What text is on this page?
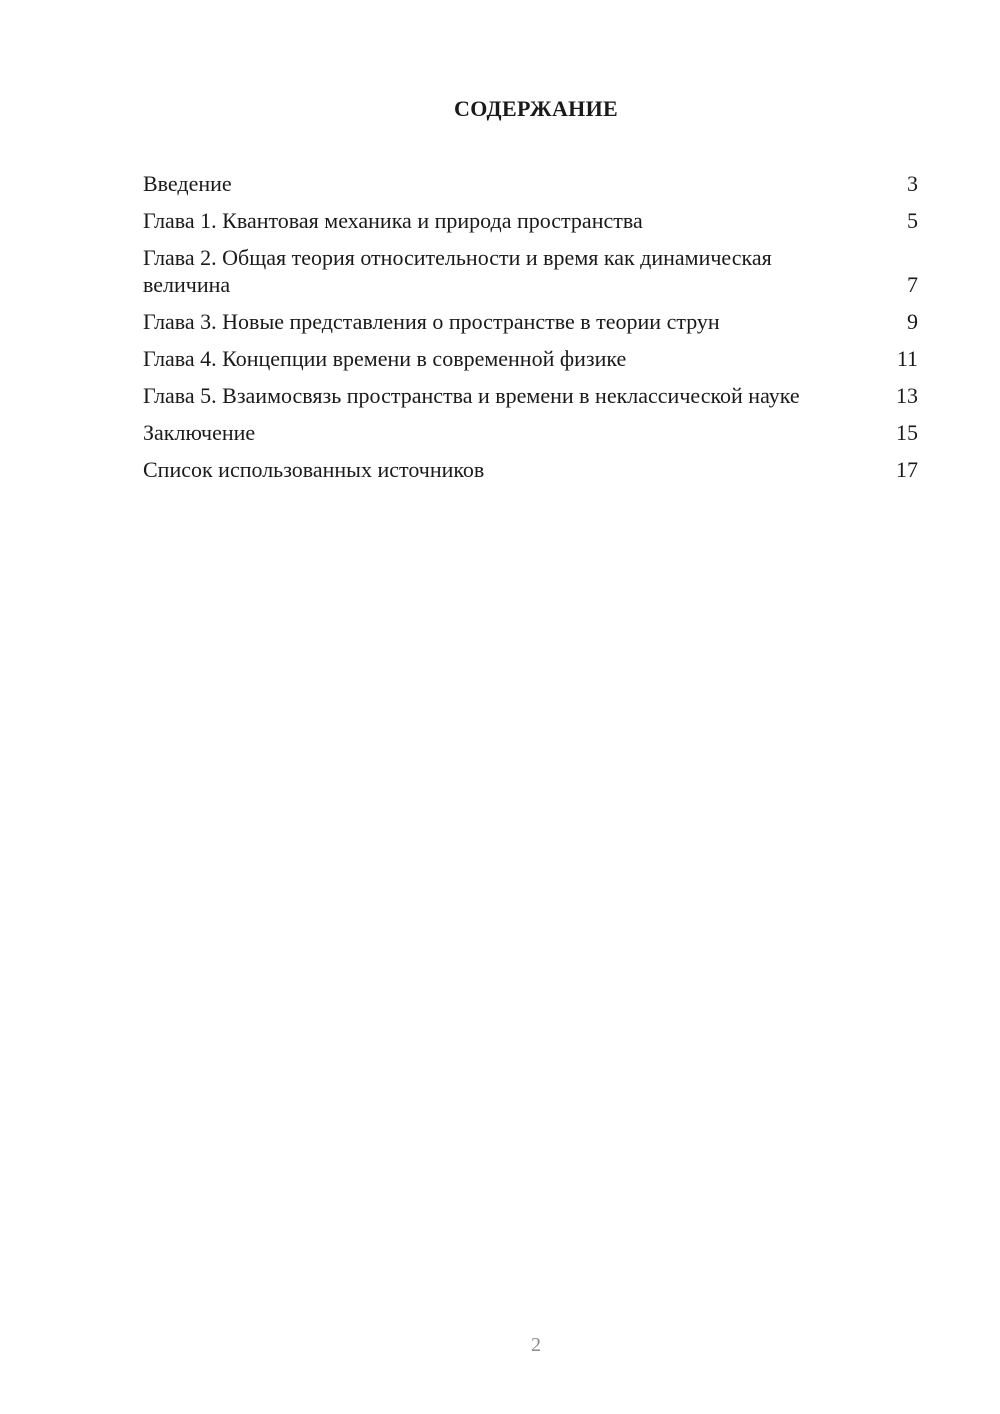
СОДЕРЖАНИЕ
Введение	3
Глава 1. Квантовая механика и природа пространства	5
Глава 2. Общая теория относительности и время как динамическая величина	7
Глава 3. Новые представления о пространстве в теории струн	9
Глава 4. Концепции времени в современной физике	11
Глава 5. Взаимосвязь пространства и времени в неклассической науке	13
Заключение	15
Список использованных источников	17
2
